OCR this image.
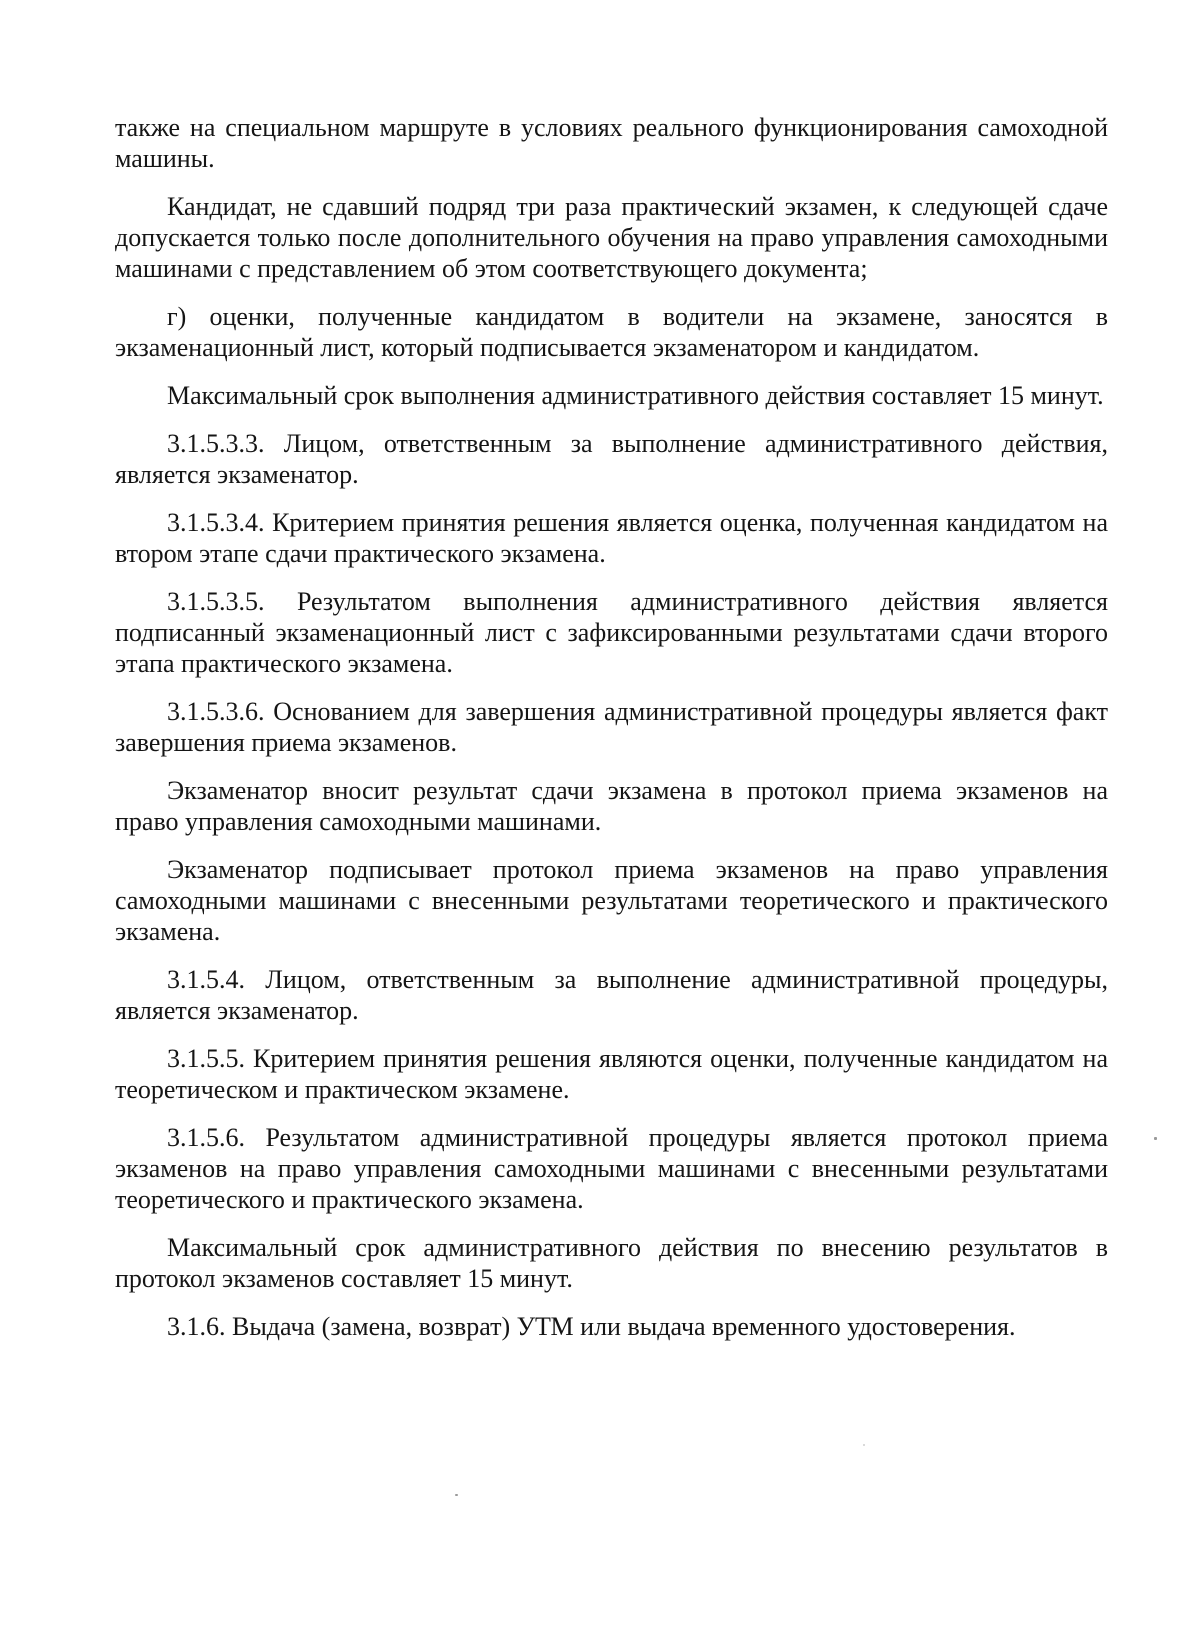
также на специальном маршруте в условиях реального функционирования самоходной машины.

Кандидат, не сдавший подряд три раза практический экзамен, к следующей сдаче допускается только после дополнительного обучения на право управления самоходными машинами с представлением об этом соответствующего документа;

г) оценки, полученные кандидатом в водители на экзамене, заносятся в экзаменационный лист, который подписывается экзаменатором и кандидатом.

Максимальный срок выполнения административного действия составляет 15 минут.

3.1.5.3.3. Лицом, ответственным за выполнение административного действия, является экзаменатор.

3.1.5.3.4. Критерием принятия решения является оценка, полученная кандидатом на втором этапе сдачи практического экзамена.

3.1.5.3.5. Результатом выполнения административного действия является подписанный экзаменационный лист с зафиксированными результатами сдачи второго этапа практического экзамена.

3.1.5.3.6. Основанием для завершения административной процедуры является факт завершения приема экзаменов.

Экзаменатор вносит результат сдачи экзамена в протокол приема экзаменов на право управления самоходными машинами.

Экзаменатор подписывает протокол приема экзаменов на право управления самоходными машинами с внесенными результатами теоретического и практического экзамена.

3.1.5.4. Лицом, ответственным за выполнение административной процедуры, является экзаменатор.

3.1.5.5. Критерием принятия решения являются оценки, полученные кандидатом на теоретическом и практическом экзамене.

3.1.5.6. Результатом административной процедуры является протокол приема экзаменов на право управления самоходными машинами с внесенными результатами теоретического и практического экзамена.

Максимальный срок административного действия по внесению результатов в протокол экзаменов составляет 15 минут.

3.1.6. Выдача (замена, возврат) УТМ или выдача временного удостоверения.
